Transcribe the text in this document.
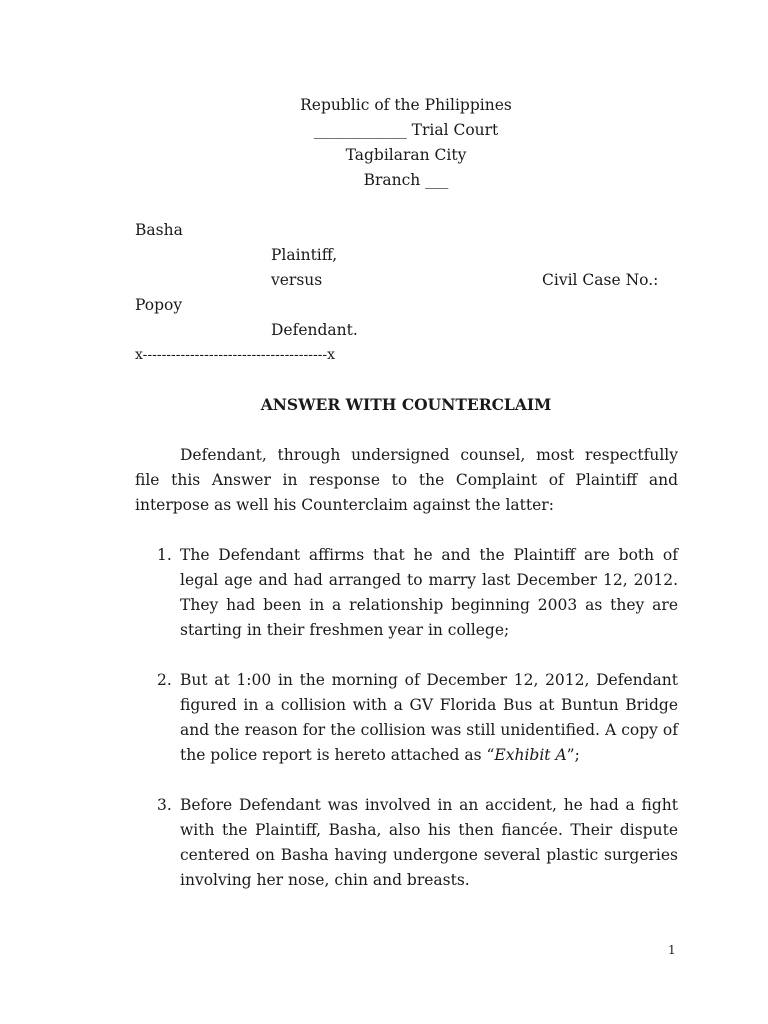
Republic of the Philippines
____________ Trial Court
Tagbilaran City
Branch ___
Basha
Plaintiff,
versus	Civil Case No.:
Popoy
Defendant.
x---------------------------------------x
ANSWER WITH COUNTERCLAIM
Defendant, through undersigned counsel, most respectfully file this Answer in response to the Complaint of Plaintiff and interpose as well his Counterclaim against the latter:
1. The Defendant affirms that he and the Plaintiff are both of legal age and had arranged to marry last December 12, 2012. They had been in a relationship beginning 2003 as they are starting in their freshmen year in college;
2. But at 1:00 in the morning of December 12, 2012, Defendant figured in a collision with a GV Florida Bus at Buntun Bridge and the reason for the collision was still unidentified. A copy of the police report is hereto attached as “Exhibit A”;
3. Before Defendant was involved in an accident, he had a fight with the Plaintiff, Basha, also his then fiancée. Their dispute centered on Basha having undergone several plastic surgeries involving her nose, chin and breasts.
1
